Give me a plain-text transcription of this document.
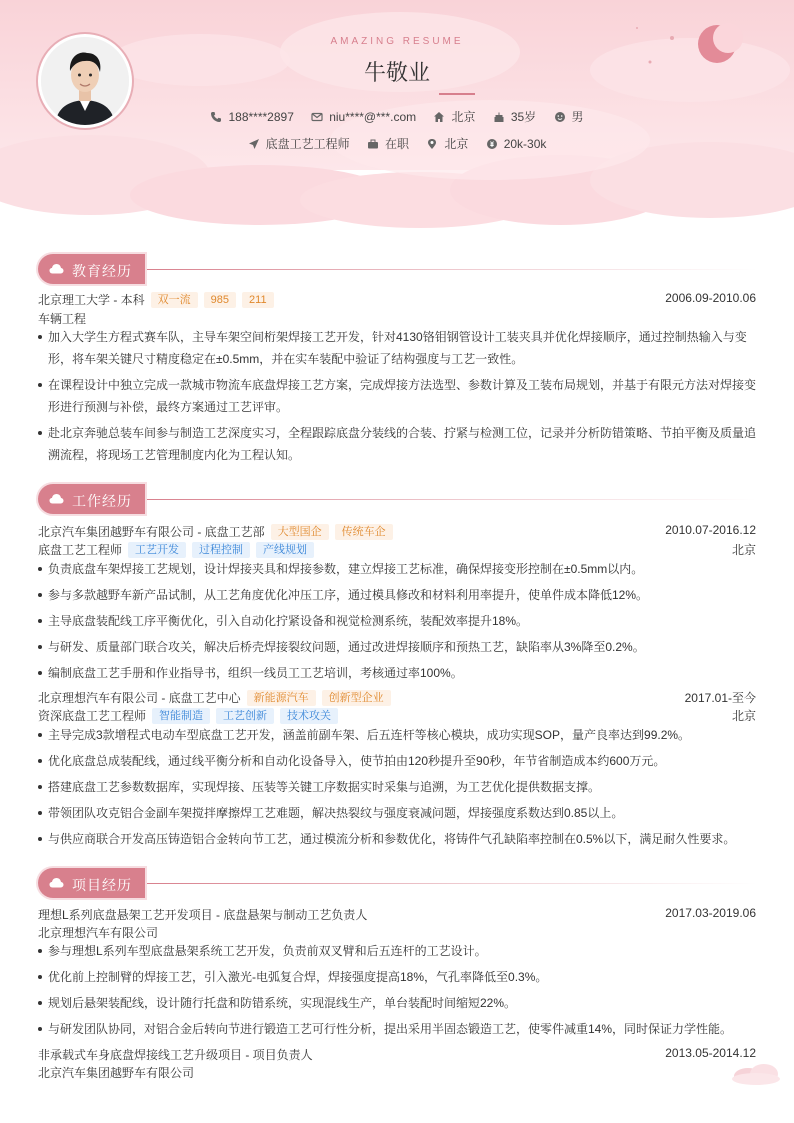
AMAZING RESUME
牛敬业
188****2897
	niu****@***.com
	北京
	35岁
	男
底盘工艺工程师
	在职
	北京
	20k-30k
教育经历
北京理工大学 - 本科	双一流	985	211	2006.09-2010.06
车辆工程
加入大学生方程式赛车队，主导车架空间桁架焊接工艺开发，针对4130铬钼钢管设计工装夹具并优化焊接顺序，通过控制热输入与变形，将车架关键尺寸精度稳定在±0.5mm，并在实车装配中验证了结构强度与工艺一致性。
在课程设计中独立完成一款城市物流车底盘焊接工艺方案，完成焊接方法选型、参数计算及工装布局规划，并基于有限元方法对焊接变形进行预测与补偿，最终方案通过工艺评审。
赴北京奔驰总装车间参与制造工艺深度实习，全程跟踪底盘分装线的合装、拧紧与检测工位，记录并分析防错策略、节拍平衡及质量追溯流程，将现场工艺管理制度内化为工程认知。
工作经历
北京汽车集团越野车有限公司 - 底盘工艺部	大型国企	传统车企	2010.07-2016.12
底盘工艺工程师	工艺开发	过程控制	产线规划	北京
负责底盘车架焊接工艺规划，设计焊接夹具和焊接参数，建立焊接工艺标准，确保焊接变形控制在±0.5mm以内。
参与多款越野车新产品试制，从工艺角度优化冲压工序，通过模具修改和材料利用率提升，使单件成本降低12%。
主导底盘装配线工序平衡优化，引入自动化拧紧设备和视觉检测系统，装配效率提升18%。
与研发、质量部门联合攻关，解决后桥壳焊接裂纹问题，通过改进焊接顺序和预热工艺，缺陷率从3%降至0.2%。
编制底盘工艺手册和作业指导书，组织一线员工工艺培训，考核通过率100%。
北京理想汽车有限公司 - 底盘工艺中心	新能源汽车	创新型企业	2017.01-至今
资深底盘工艺工程师	智能制造	工艺创新	技术攻关	北京
主导完成3款增程式电动车型底盘工艺开发，涵盖前副车架、后五连杆等核心模块，成功实现SOP，量产良率达到99.2%。
优化底盘总成装配线，通过线平衡分析和自动化设备导入，使节拍由120秒提升至90秒，年节省制造成本约600万元。
搭建底盘工艺参数数据库，实现焊接、压装等关键工序数据实时采集与追溯，为工艺优化提供数据支撑。
带领团队攻克铝合金副车架搅拌摩擦焊工艺难题，解决热裂纹与强度衰减问题，焊接强度系数达到0.85以上。
与供应商联合开发高压铸造铝合金转向节工艺，通过模流分析和参数优化，将铸件气孔缺陷率控制在0.5%以下，满足耐久性要求。
项目经历
理想L系列底盘悬架工艺开发项目 - 底盘悬架与制动工艺负责人	2017.03-2019.06
北京理想汽车有限公司
参与理想L系列车型底盘悬架系统工艺开发，负责前双叉臂和后五连杆的工艺设计。
优化前上控制臂的焊接工艺，引入激光-电弧复合焊，焊接强度提高18%，气孔率降低至0.3%。
规划后悬架装配线，设计随行托盘和防错系统，实现混线生产，单台装配时间缩短22%。
与研发团队协同，对铝合金后转向节进行锻造工艺可行性分析，提出采用半固态锻造工艺，使零件减重14%，同时保证力学性能。
非承载式车身底盘焊接线工艺升级项目 - 项目负责人	2013.05-2014.12
北京汽车集团越野车有限公司
